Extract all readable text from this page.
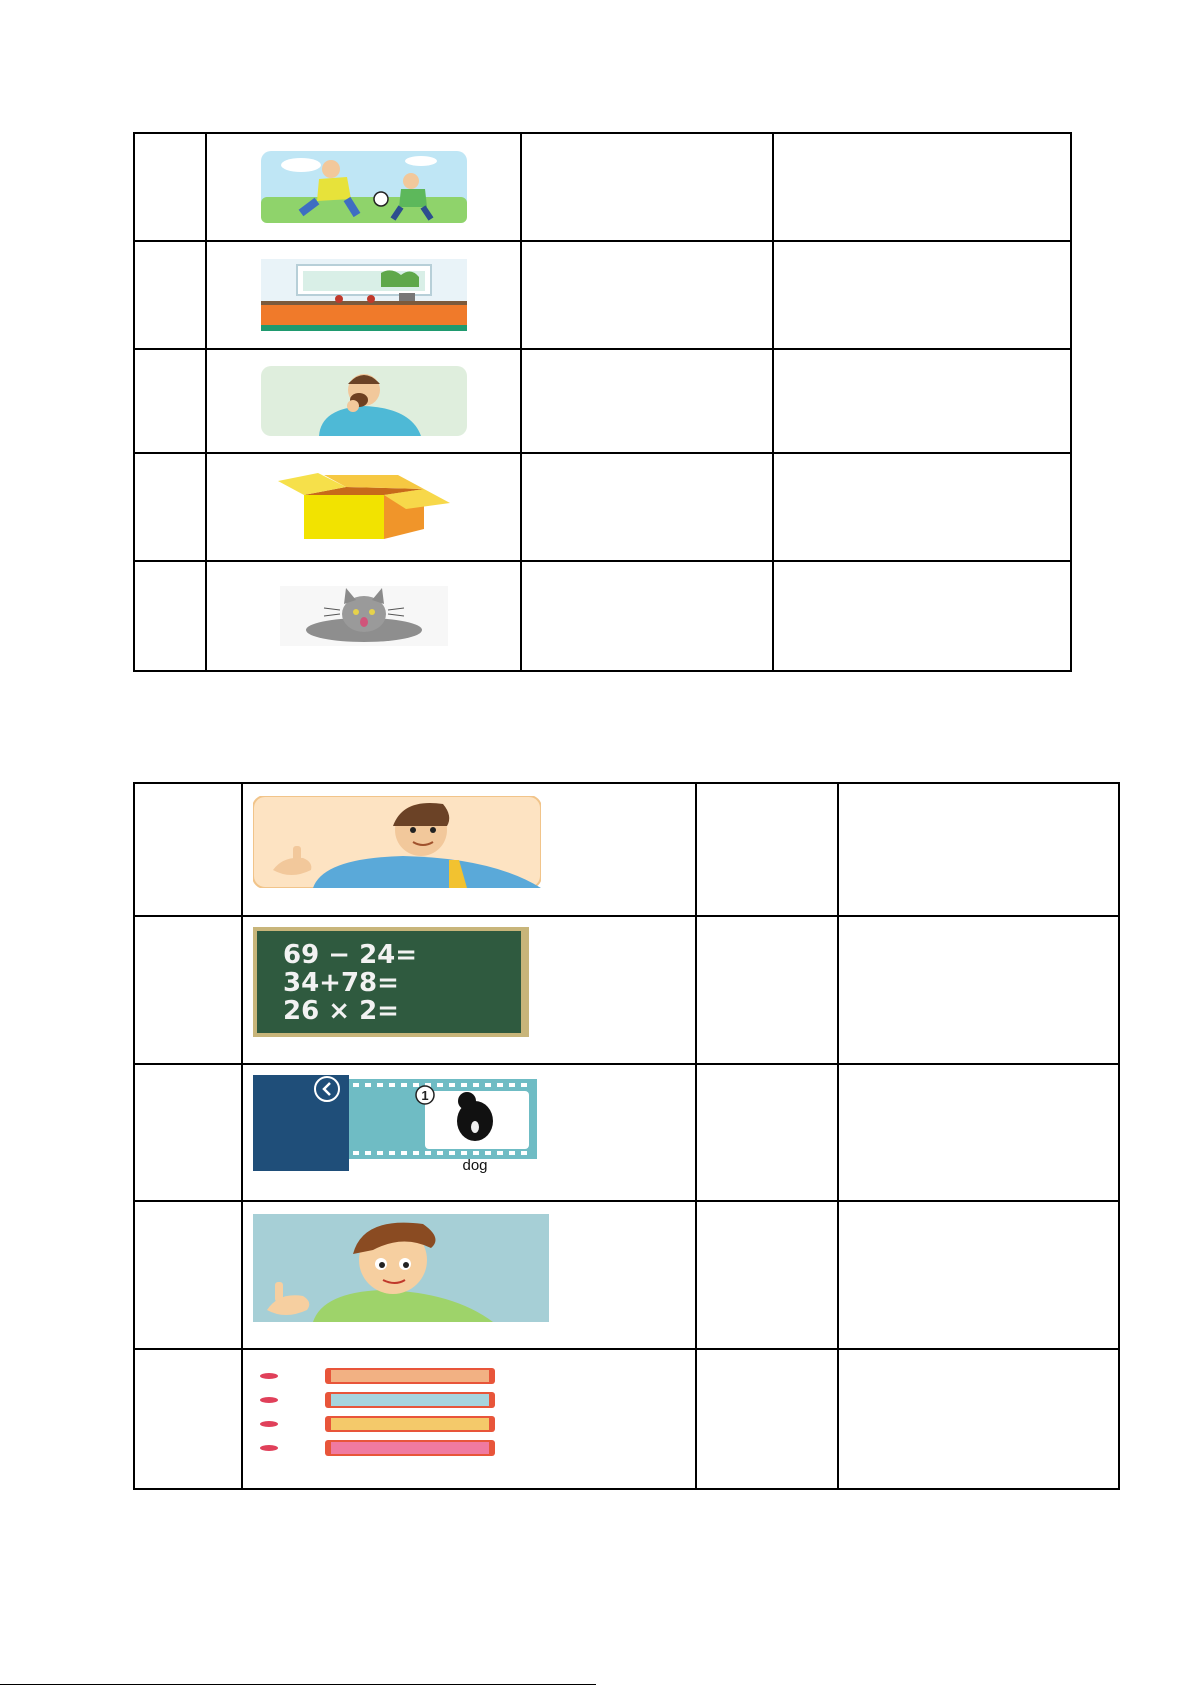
69 − 24=
34+78=
26 × 2=		

1
dog		
